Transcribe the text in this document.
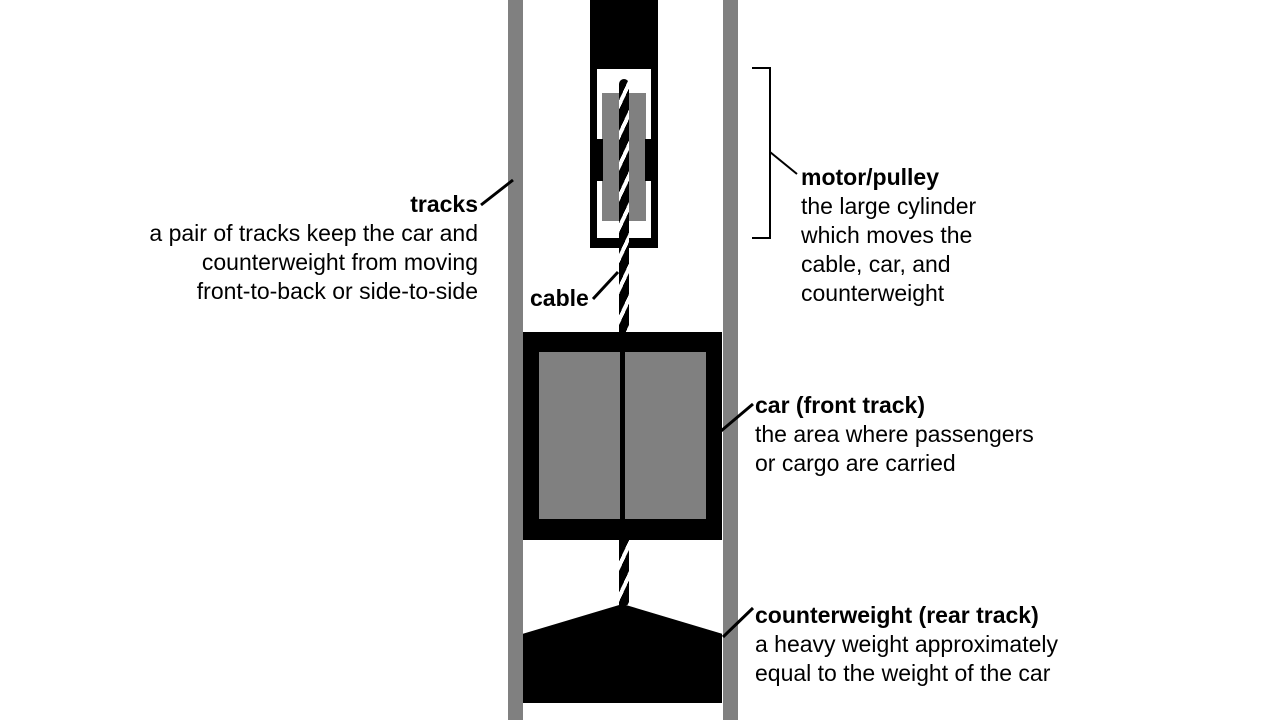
tracks
a pair of tracks keep the car and
counterweight from moving
front-to-back or side-to-side cable
motor/pulley
the large cylinder
which moves the
cable, car, and
counterweight
car (front track)
the area where passengers
or cargo are carried
counterweight (rear track)
a heavy weight approximately
equal to the weight of the car
